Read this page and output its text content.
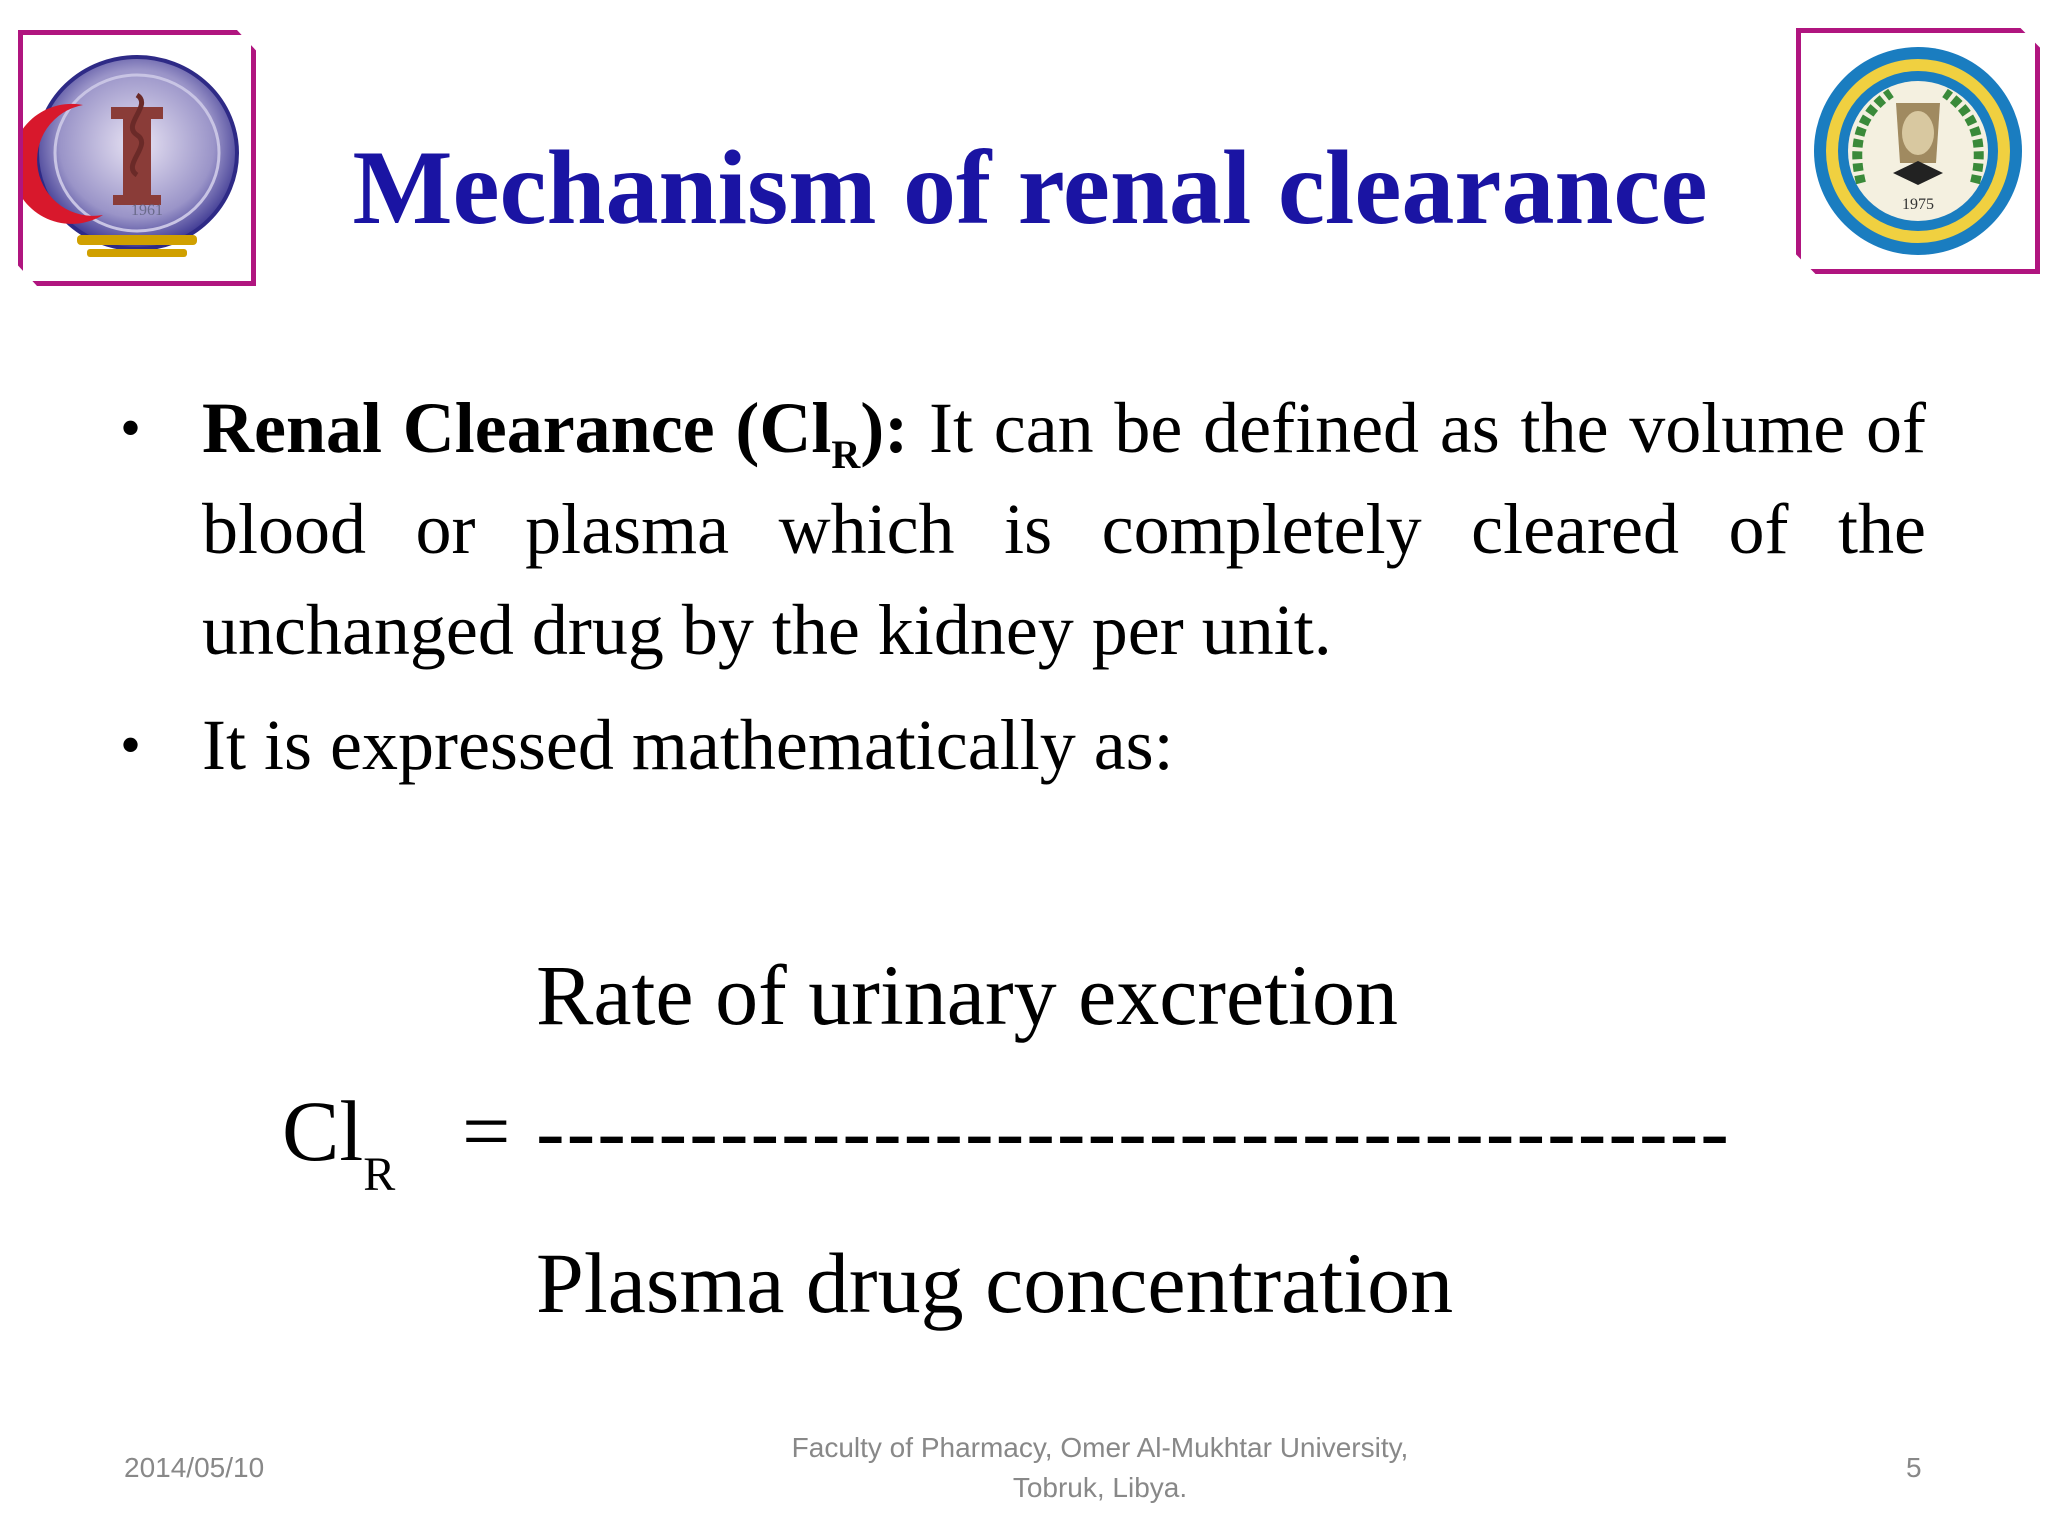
1961	Mechanism of renal clearance	1975
• Renal Clearance $(Cl_R)$: It can be defined as the volume of blood or plasma which is completely cleared of the unchanged drug by the kidney per unit.
• It is expressed mathematically as:
Rate of urinary excretion
$Cl_R$ = ---------------------------------------
Plasma drug concentration
2014/05/10
Faculty of Pharmacy, Omer Al-Mukhtar University,
Tobruk, Libya.
5
